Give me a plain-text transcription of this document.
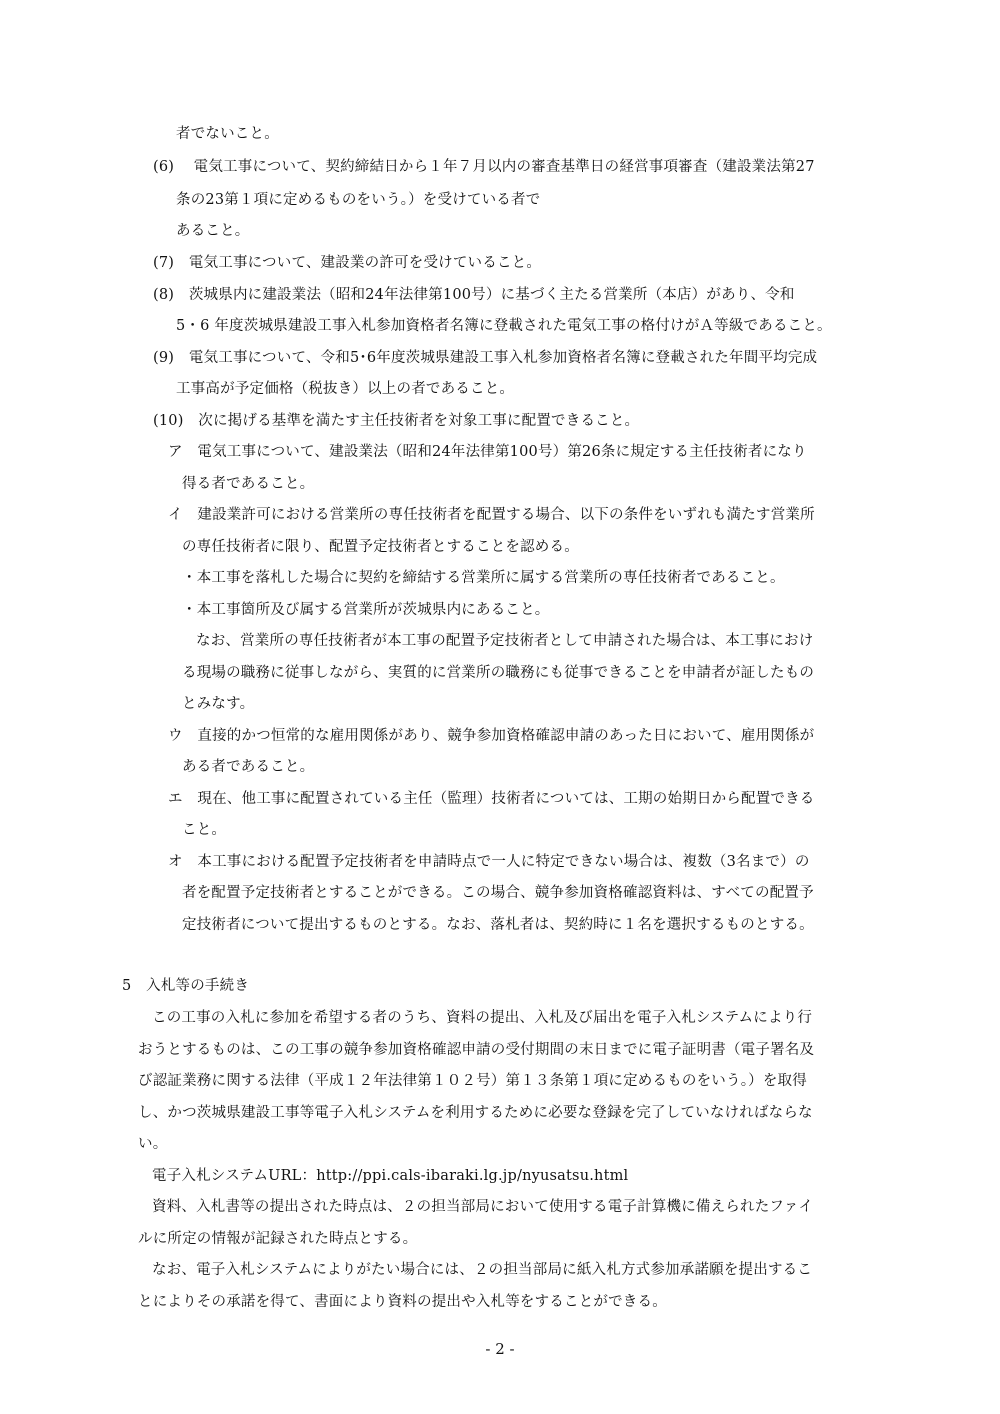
者でないこと。
(6)　 電気工事について、契約締結日から１年７月以内の審査基準日の経営事項審査（建設業法第27
条の23第１項に定めるものをいう。）を受けている者で
あること。
(7)　電気工事について、建設業の許可を受けていること。
(8)　茨城県内に建設業法（昭和24年法律第100号）に基づく主たる営業所（本店）があり、令和
5・6 年度茨城県建設工事入札参加資格者名簿に登載された電気工事の格付けがＡ等級であること。
(9)　電気工事について、令和5･6年度茨城県建設工事入札参加資格者名簿に登載された年間平均完成
工事高が予定価格（税抜き）以上の者であること。
(10)　次に掲げる基準を満たす主任技術者を対象工事に配置できること。
ア　電気工事について、建設業法（昭和24年法律第100号）第26条に規定する主任技術者になり
得る者であること。
イ　建設業許可における営業所の専任技術者を配置する場合、以下の条件をいずれも満たす営業所
の専任技術者に限り、配置予定技術者とすることを認める。
・本工事を落札した場合に契約を締結する営業所に属する営業所の専任技術者であること。
・本工事箇所及び属する営業所が茨城県内にあること。
なお、営業所の専任技術者が本工事の配置予定技術者として申請された場合は、本工事におけ
る現場の職務に従事しながら、実質的に営業所の職務にも従事できることを申請者が証したもの
とみなす。
ウ　直接的かつ恒常的な雇用関係があり、競争参加資格確認申請のあった日において、雇用関係が
ある者であること。
エ　現在、他工事に配置されている主任（監理）技術者については、工期の始期日から配置できる
こと。
オ　本工事における配置予定技術者を申請時点で一人に特定できない場合は、複数（3名まで）の
者を配置予定技術者とすることができる。この場合、競争参加資格確認資料は、すべての配置予
定技術者について提出するものとする。なお、落札者は、契約時に１名を選択するものとする。
5　入札等の手続き
この工事の入札に参加を希望する者のうち、資料の提出、入札及び届出を電子入札システムにより行
おうとするものは、この工事の競争参加資格確認申請の受付期間の末日までに電子証明書（電子署名及
び認証業務に関する法律（平成１２年法律第１０２号）第１３条第１項に定めるものをいう。）を取得
し、かつ茨城県建設工事等電子入札システムを利用するために必要な登録を完了していなければならな
い。
電子入札システムURL：http://ppi.cals-ibaraki.lg.jp/nyusatsu.html
資料、入札書等の提出された時点は、２の担当部局において使用する電子計算機に備えられたファイ
ルに所定の情報が記録された時点とする。
なお、電子入札システムによりがたい場合には、２の担当部局に紙入札方式参加承諾願を提出するこ
とによりその承諾を得て、書面により資料の提出や入札等をすることができる。
- 2 -
